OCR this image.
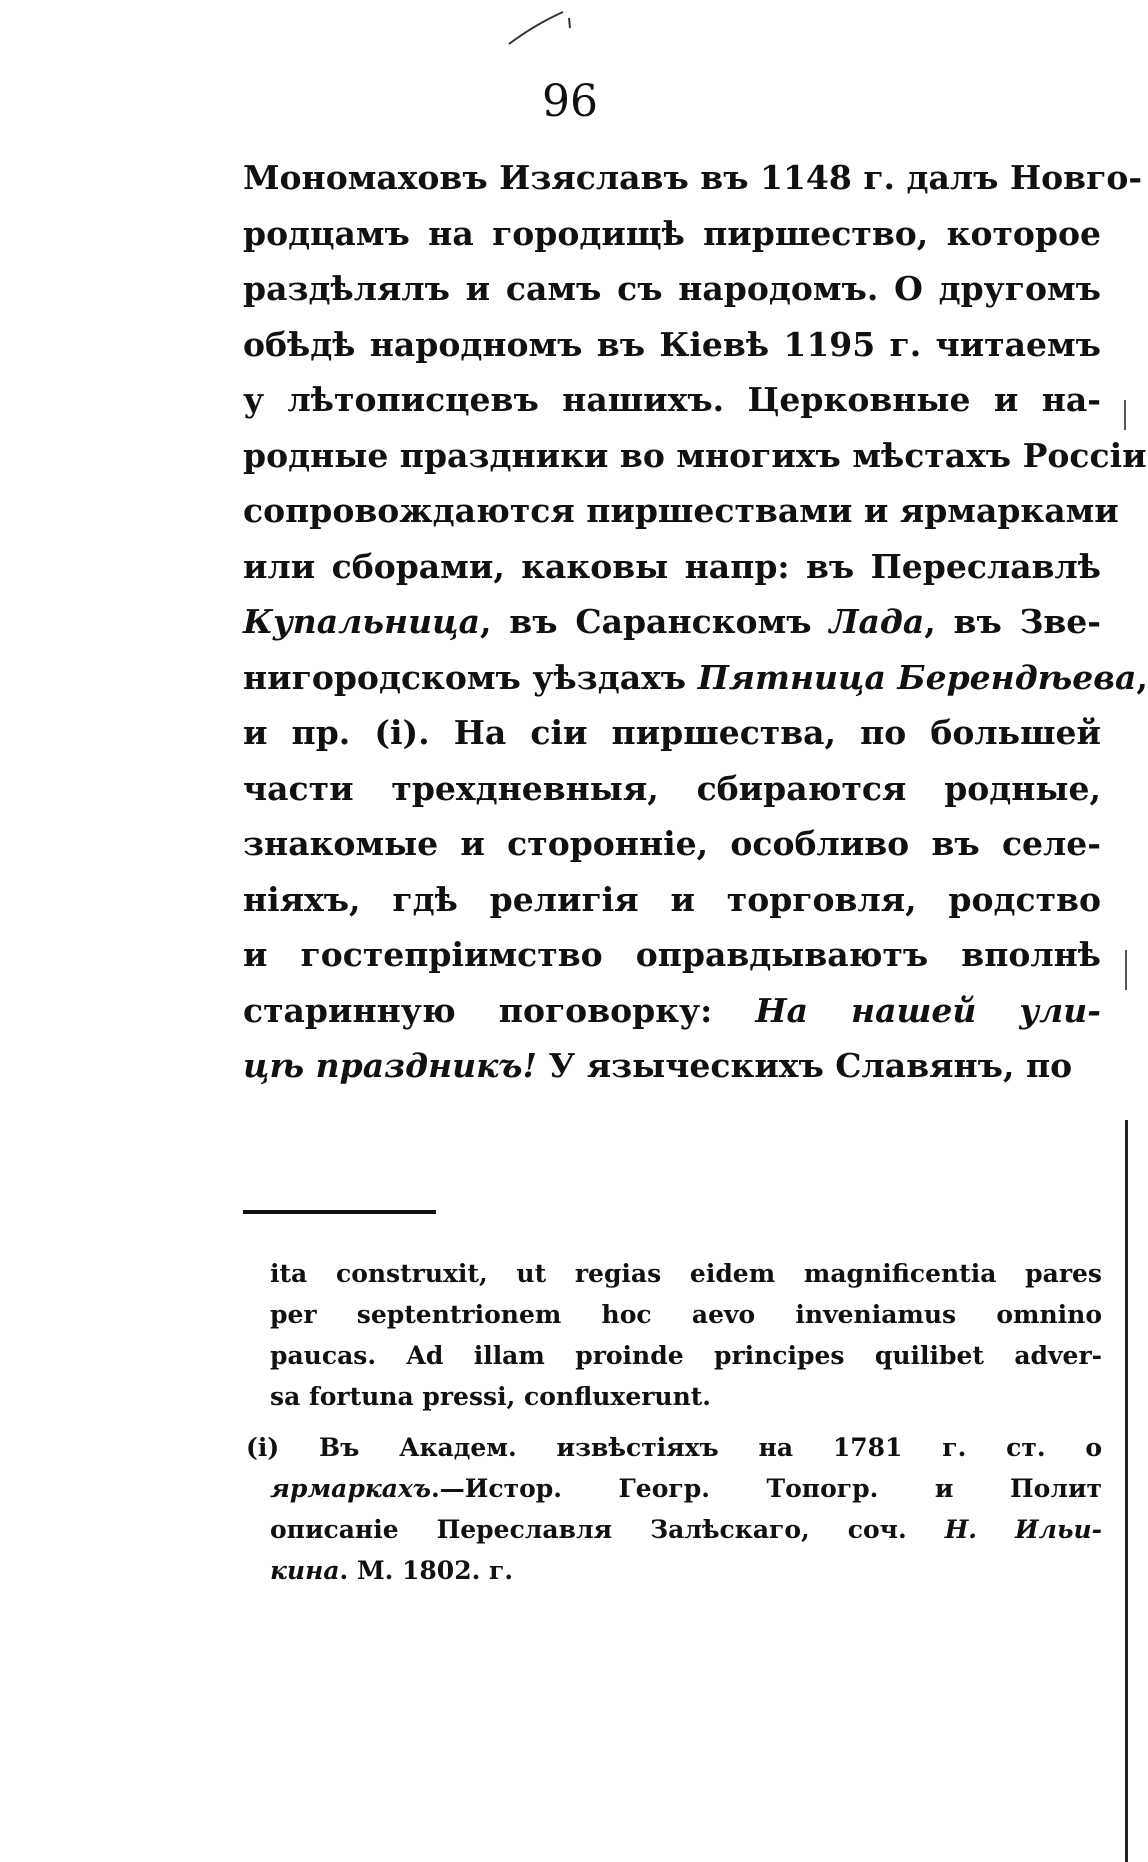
96
Мономаховъ Изяславъ въ 1148 г. далъ Новго-
родцамъ на городищѣ пиршество, которое
раздѣлялъ и самъ съ народомъ. О другомъ
обѣдѣ народномъ въ Кіевѣ 1195 г. читаемъ
у лѣтописцевъ нашихъ. Церковные и на-
родные праздники во многихъ мѣстахъ Россіи
сопровождаются пиршествами и ярмарками
или сборами, каковы напр: въ Переславлѣ
Купальница, въ Саранскомъ Лада, въ Зве-
нигородскомъ уѣздахъ Пятница Берендѣева,
и пр. (i). На сіи пиршества, по большей
части трехдневныя, сбираются родные,
знакомые и сторонніе, особливо въ селе-
ніяхъ, гдѣ религія и торговля, родство
и гостепріимство оправдываютъ вполнѣ
старинную поговорку: На нашей ули-
цѣ праздникъ! У языческихъ Славянъ, по
ita construxit, ut regias eidem magnificentia pares
per septentrionem hoc aevo inveniamus omnino
paucas. Ad illam proinde principes quilibet adver-
sa fortuna pressi, confluxerunt.
(i) Въ Академ. извѣстіяхъ на 1781 г. ст. о
ярмаркахъ.—Истор. Геогр. Топогр. и Полит
описаніе Переславля Залѣскаго, соч. Н. Ильи-
кина. М. 1802. г.
